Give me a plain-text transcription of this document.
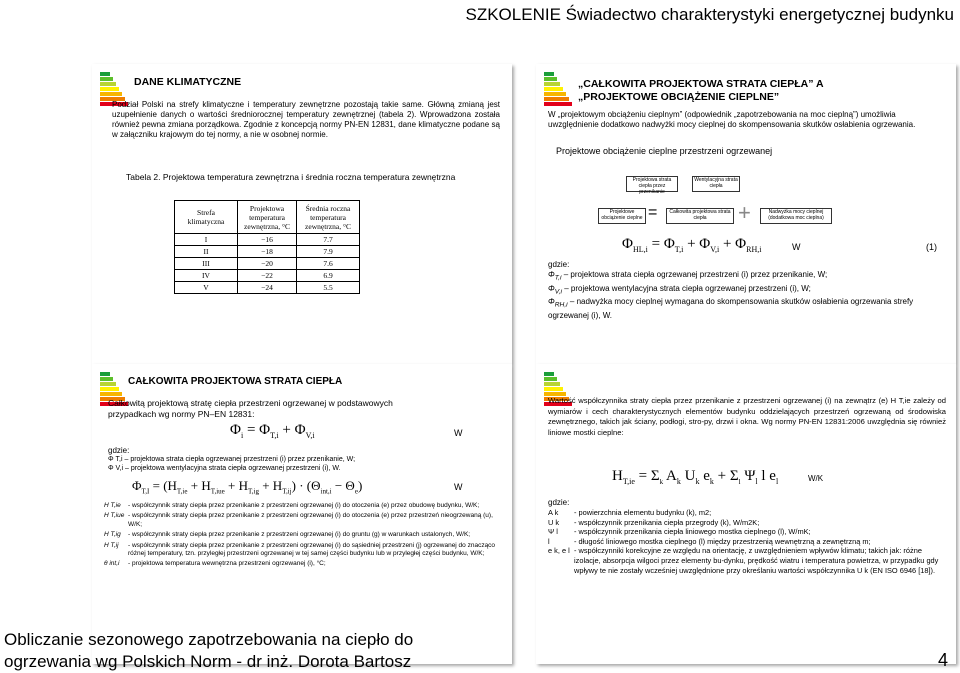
SZKOLENIE Świadectwo charakterystyki energetycznej budynku
DANE KLIMATYCZNE
Podział Polski na strefy klimatyczne i temperatury zewnętrzne pozostają takie same. Główną zmianą jest uzupełnienie danych o wartości średniorocznej temperatury zewnętrznej (tabela 2). Wprowadzona została również pewna zmiana porządkowa. Zgodnie z koncepcją normy PN-EN 12831, dane klimatyczne podane są w załączniku krajowym do tej normy, a nie w osobnej normie.
Tabela 2. Projektowa temperatura zewnętrzna i średnia roczna temperatura zewnętrzna
Strefa klimatyczna	Projektowa temperatura zewnętrzna, °C	Średnia roczna temperatura zewnętrzna, °C
I	−16	7.7
II	−18	7.9
III	−20	7.6
IV	−22	6.9
V	−24	5.5
„CAŁKOWITA PROJEKTOWA STRATA CIEPŁA” A
„PROJEKTOWE OBCIĄŻENIE CIEPLNE”
W „projektowym obciążeniu cieplnym” (odpowiednik „zapotrzebowania na moc cieplną”) umożliwia uwzględnienie dodatkowo nadwyżki mocy cieplnej do skompensowania skutków osłabienia ogrzewania.
Projektowe obciążenie cieplne przestrzeni ogrzewanej
Projektowa strata ciepła przez przenikanie
Wentylacyjna strata ciepła
Projektowe obciążenie cieplne =	Całkowita projektowa strata ciepła	+	Nadwyżka mocy cieplnej (dodatkowa moc cieplna)
$\Phi_{HL,i} = \Phi_{T,i} + \Phi_{V,i} + \Phi_{RH,i}$	W	(1)
gdzie:
$\Phi_{T,i}$ – projektowa strata ciepła ogrzewanej przestrzeni (i) przez przenikanie, W;
$\Phi_{V,i}$ – projektowa wentylacyjna strata ciepła ogrzewanej przestrzeni (i), W;
$\Phi_{RH,i}$ – nadwyżka mocy cieplnej wymagana do skompensowania skutków osłabienia ogrzewania strefy ogrzewanej (i), W.
CAŁKOWITA PROJEKTOWA STRATA CIEPŁA
Całkowitą projektową stratę ciepła przestrzeni ogrzewanej w podstawowych przypadkach wg normy PN–EN 12831:
$\Phi_i = \Phi_{T,i} + \Phi_{V,i}$	W
gdzie:
Φ T,i – projektowa strata ciepła ogrzewanej przestrzeni (i) przez przenikanie, W;
Φ V,i – projektowa wentylacyjna strata ciepła ogrzewanej przestrzeni (i), W.
$\Phi_{T,I} = (H_{T,ie} + H_{T,iue} + H_{T,ig} + H_{T,ij}) \cdot (\Theta_{int,i} - \Theta_e)$	W
H T,ie	- współczynnik straty ciepła przez przenikanie z przestrzeni ogrzewanej (i) do otoczenia (e) przez obudowę budynku, W/K;
H T,iue - współczynnik straty ciepła przez przenikanie z przestrzeni ogrzewanej (i) do otoczenia (e) przez przestrzeń nieogrzewaną (u), W/K;
H T,ig	- współczynnik straty ciepła przez przenikanie z przestrzeni ogrzewanej (i) do gruntu (g) w warunkach ustalonych, W/K;
H T,ij	- współczynnik straty ciepła przez przenikanie z przestrzeni ogrzewanej (i) do sąsiedniej przestrzeni (j) ogrzewanej do znacząco różnej temperatury, tzn. przyległej przestrzeni ogrzewanej w tej samej części budynku lub w przyległej części budynku, W/K;
θ int,i	- projektowa temperatura wewnętrzna przestrzeni ogrzewanej (i), °C;
Wartość współczynnika straty ciepła przez przenikanie z przestrzeni ogrzewanej (i) na zewnątrz (e) H T,ie zależy od wymiarów i cech charakterystycznych elementów budynku oddzielających przestrzeń ogrzewaną od środowiska zewnętrznego, takich jak ściany, podłogi, stro-py, drzwi i okna. Wg normy PN-EN 12831:2006 uwzględnia się również liniowe mostki cieplne:
$H_{T,ie} = \Sigma_k$ $A_k$ $U_k$ $e_k + \Sigma_l$ $\Psi_l$ l $e_l$	W/K
gdzie:
A k	- powierzchnia elementu budynku (k), m2;
U k	- współczynnik przenikania ciepła przegrody (k), W/m2K;
Ψ l	- współczynnik przenikania ciepła liniowego mostka cieplnego (l), W/mK;
l	- długość liniowego mostka cieplnego (l) między przestrzenią wewnętrzną a zewnętrzną m;
e k, e l - współczynniki korekcyjne ze względu na orientację, z uwzględnieniem wpływów klimatu; takich jak: różne izolacje, absorpcja wilgoci przez elementy bu-dynku, prędkość wiatru i temperatura powietrza, w przypadku gdy wpływy te nie zostały wcześniej uwzględnione przy określaniu wartości współczynnika U k (EN ISO 6946 [18]).
Obliczanie sezonowego zapotrzebowania na ciepło do
ogrzewania wg Polskich Norm - dr inż. Dorota Bartosz	4
